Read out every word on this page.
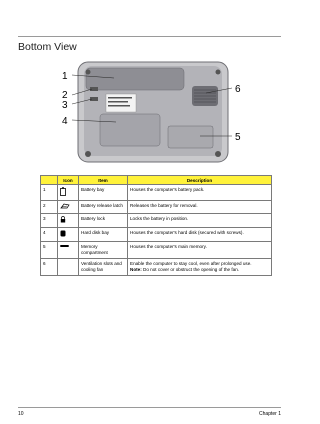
Bottom View
1
2
3
4
5
6
	Icon	Item	Description
1		Battery bay	Houses the computer's battery pack.
2		Battery release latch	Releases the battery for removal.
3		Battery lock	Locks the battery in position.
4		Hard disk bay	Houses the computer's hard disk (secured with screws).
5		Memory compartment	Houses the computer's main memory.
6		Ventilation slots and cooling fan	Enable the computer to stay cool, even after prolonged use.
Note: Do not cover or obstruct the opening of the fan.
10	Chapter 1
